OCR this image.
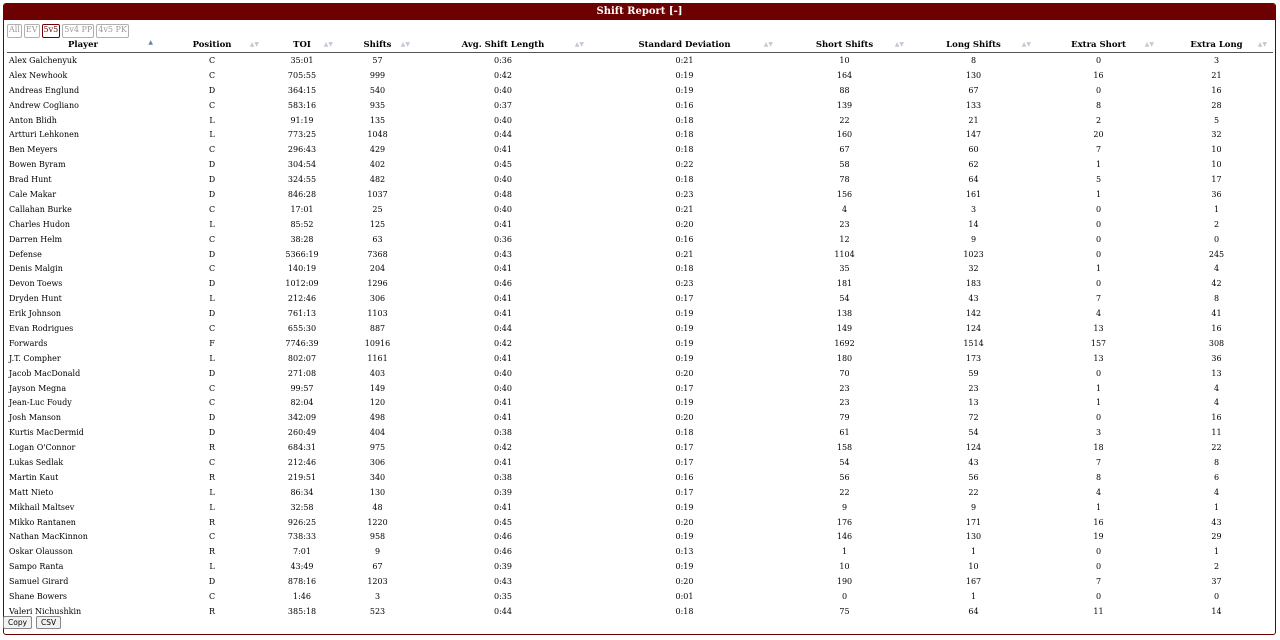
Shift Report [-]
All EV 5v5 5v4 PP 4v5 PK
Player ▲	Position ▲▼	TOI ▲▼	Shifts ▲▼	Avg. Shift Length ▲▼	Standard Deviation ▲▼	Short Shifts ▲▼	Long Shifts ▲▼	Extra Short ▲▼	Extra Long ▲▼

Alex Galchenyuk	C	35:01	57	0:36	0:21	10	8	0	3
Alex Newhook	C	705:55	999	0:42	0:19	164	130	16	21
Andreas Englund	D	364:15	540	0:40	0:19	88	67	0	16
Andrew Cogliano	C	583:16	935	0:37	0:16	139	133	8	28
Anton Blidh	L	91:19	135	0:40	0:18	22	21	2	5
Artturi Lehkonen	L	773:25	1048	0:44	0:18	160	147	20	32
Ben Meyers	C	296:43	429	0:41	0:18	67	60	7	10
Bowen Byram	D	304:54	402	0:45	0:22	58	62	1	10
Brad Hunt	D	324:55	482	0:40	0:18	78	64	5	17
Cale Makar	D	846:28	1037	0:48	0:23	156	161	1	36
Callahan Burke	C	17:01	25	0:40	0:21	4	3	0	1
Charles Hudon	L	85:52	125	0:41	0:20	23	14	0	2
Darren Helm	C	38:28	63	0:36	0:16	12	9	0	0
Defense	D	5366:19	7368	0:43	0:21	1104	1023	0	245
Denis Malgin	C	140:19	204	0:41	0:18	35	32	1	4
Devon Toews	D	1012:09	1296	0:46	0:23	181	183	0	42
Dryden Hunt	L	212:46	306	0:41	0:17	54	43	7	8
Erik Johnson	D	761:13	1103	0:41	0:19	138	142	4	41
Evan Rodrigues	C	655:30	887	0:44	0:19	149	124	13	16
Forwards	F	7746:39	10916	0:42	0:19	1692	1514	157	308
J.T. Compher	L	802:07	1161	0:41	0:19	180	173	13	36
Jacob MacDonald	D	271:08	403	0:40	0:20	70	59	0	13
Jayson Megna	C	99:57	149	0:40	0:17	23	23	1	4
Jean-Luc Foudy	C	82:04	120	0:41	0:19	23	13	1	4
Josh Manson	D	342:09	498	0:41	0:20	79	72	0	16
Kurtis MacDermid	D	260:49	404	0:38	0:18	61	54	3	11
Logan O'Connor	R	684:31	975	0:42	0:17	158	124	18	22
Lukas Sedlak	C	212:46	306	0:41	0:17	54	43	7	8
Martin Kaut	R	219:51	340	0:38	0:16	56	56	8	6
Matt Nieto	L	86:34	130	0:39	0:17	22	22	4	4
Mikhail Maltsev	L	32:58	48	0:41	0:19	9	9	1	1
Mikko Rantanen	R	926:25	1220	0:45	0:20	176	171	16	43
Nathan MacKinnon	C	738:33	958	0:46	0:19	146	130	19	29
Oskar Olausson	R	7:01	9	0:46	0:13	1	1	0	1
Sampo Ranta	L	43:49	67	0:39	0:19	10	10	0	2
Samuel Girard	D	878:16	1203	0:43	0:20	190	167	7	37
Shane Bowers	C	1:46	3	0:35	0:01	0	1	0	0
Valeri Nichushkin	R	385:18	523	0:44	0:18	75	64	11	14
Copy	CSV
